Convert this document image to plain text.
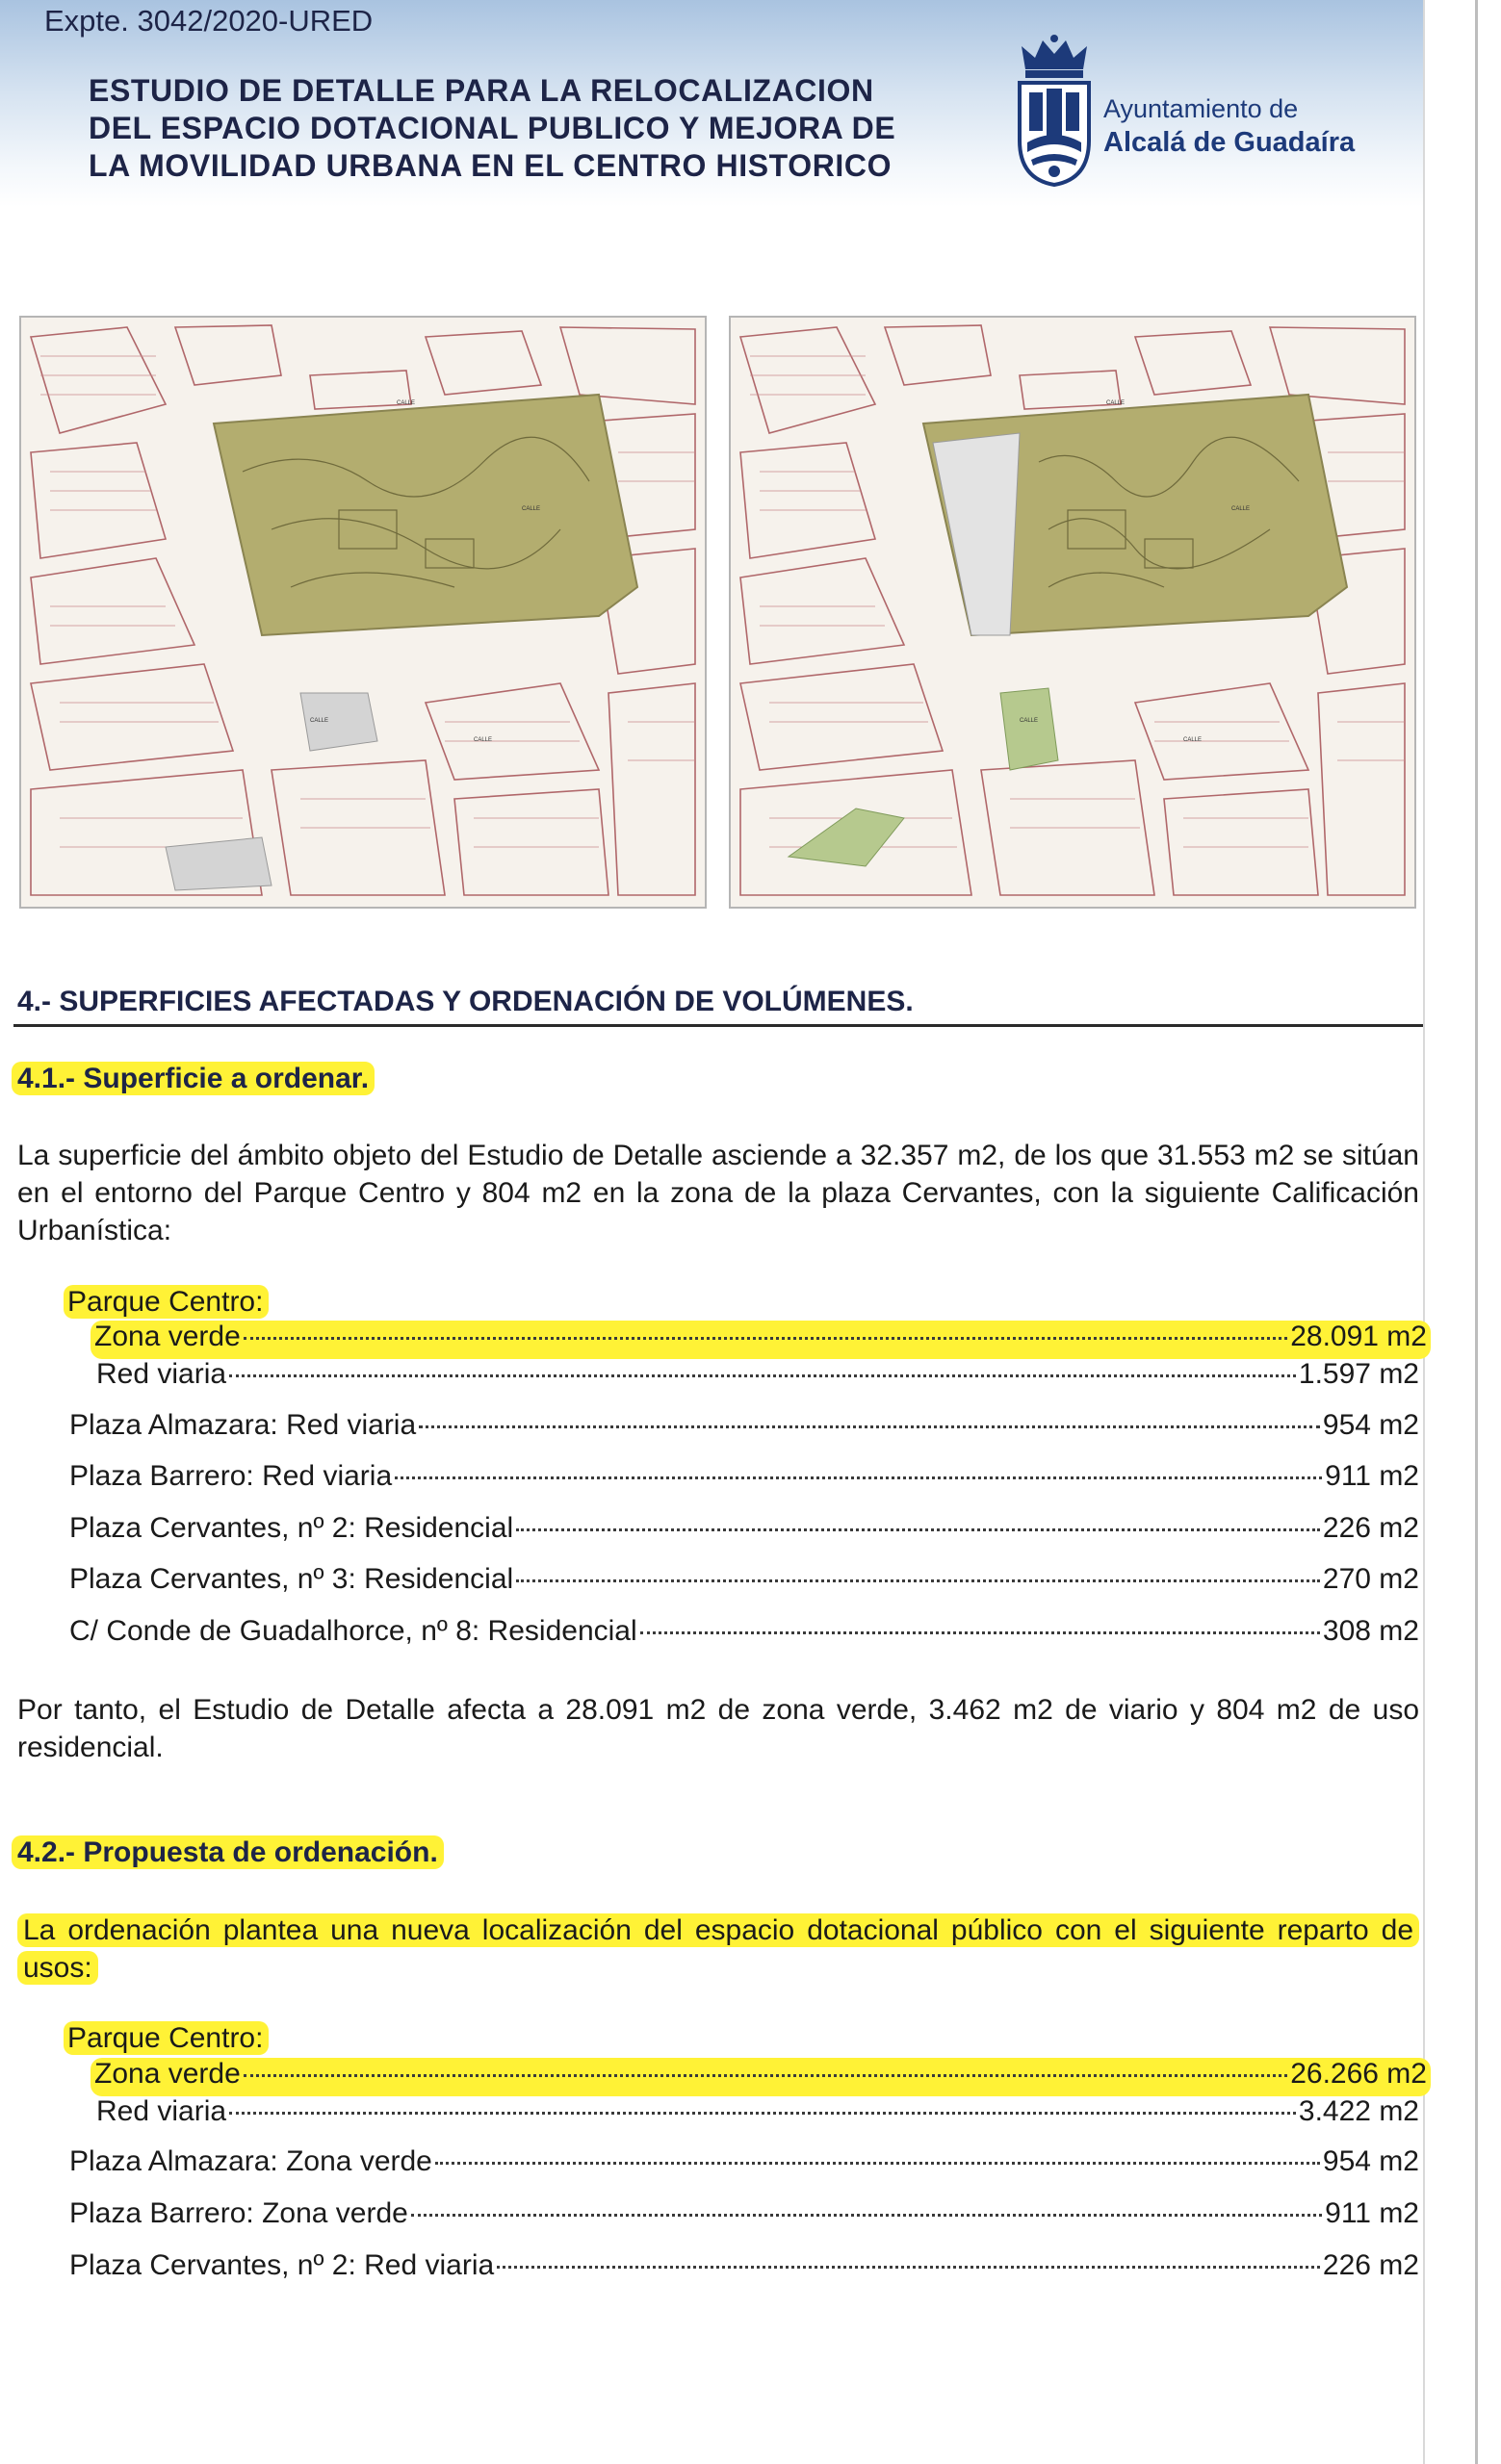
Expte. 3042/2020-URED
ESTUDIO DE DETALLE PARA LA RELOCALIZACION
DEL ESPACIO DOTACIONAL PUBLICO Y MEJORA DE
LA MOVILIDAD URBANA EN EL CENTRO HISTORICO
Ayuntamiento de
Alcalá de Guadaíra
CALLE
CALLE
CALLE
CALLE
CALLE
CALLE
CALLE
CALLE
4.- SUPERFICIES AFECTADAS Y ORDENACIÓN DE VOLÚMENES.
4.1.- Superficie a ordenar.
La superficie del ámbito objeto del Estudio de Detalle asciende a 32.357 m2, de los que 31.553 m2 se sitúan en el entorno del Parque Centro y 804 m2 en la zona de la plaza Cervantes, con la siguiente Calificación Urbanística:
Parque Centro:
Zona verde	28.091 m2
Red viaria	1.597 m2
Plaza Almazara: Red viaria	954 m2
Plaza Barrero: Red viaria	911 m2
Plaza Cervantes, nº 2: Residencial	226 m2
Plaza Cervantes, nº 3: Residencial	270 m2
C/ Conde de Guadalhorce, nº 8: Residencial	308 m2
Por tanto, el Estudio de Detalle afecta a 28.091 m2 de zona verde, 3.462 m2 de viario y 804 m2 de uso residencial.
4.2.- Propuesta de ordenación.
La ordenación plantea una nueva localización del espacio dotacional público con el siguiente reparto de usos:
Parque Centro:
Zona verde	26.266 m2
Red viaria	3.422 m2
Plaza Almazara: Zona verde	954 m2
Plaza Barrero: Zona verde	911 m2
Plaza Cervantes, nº 2: Red viaria	226 m2
